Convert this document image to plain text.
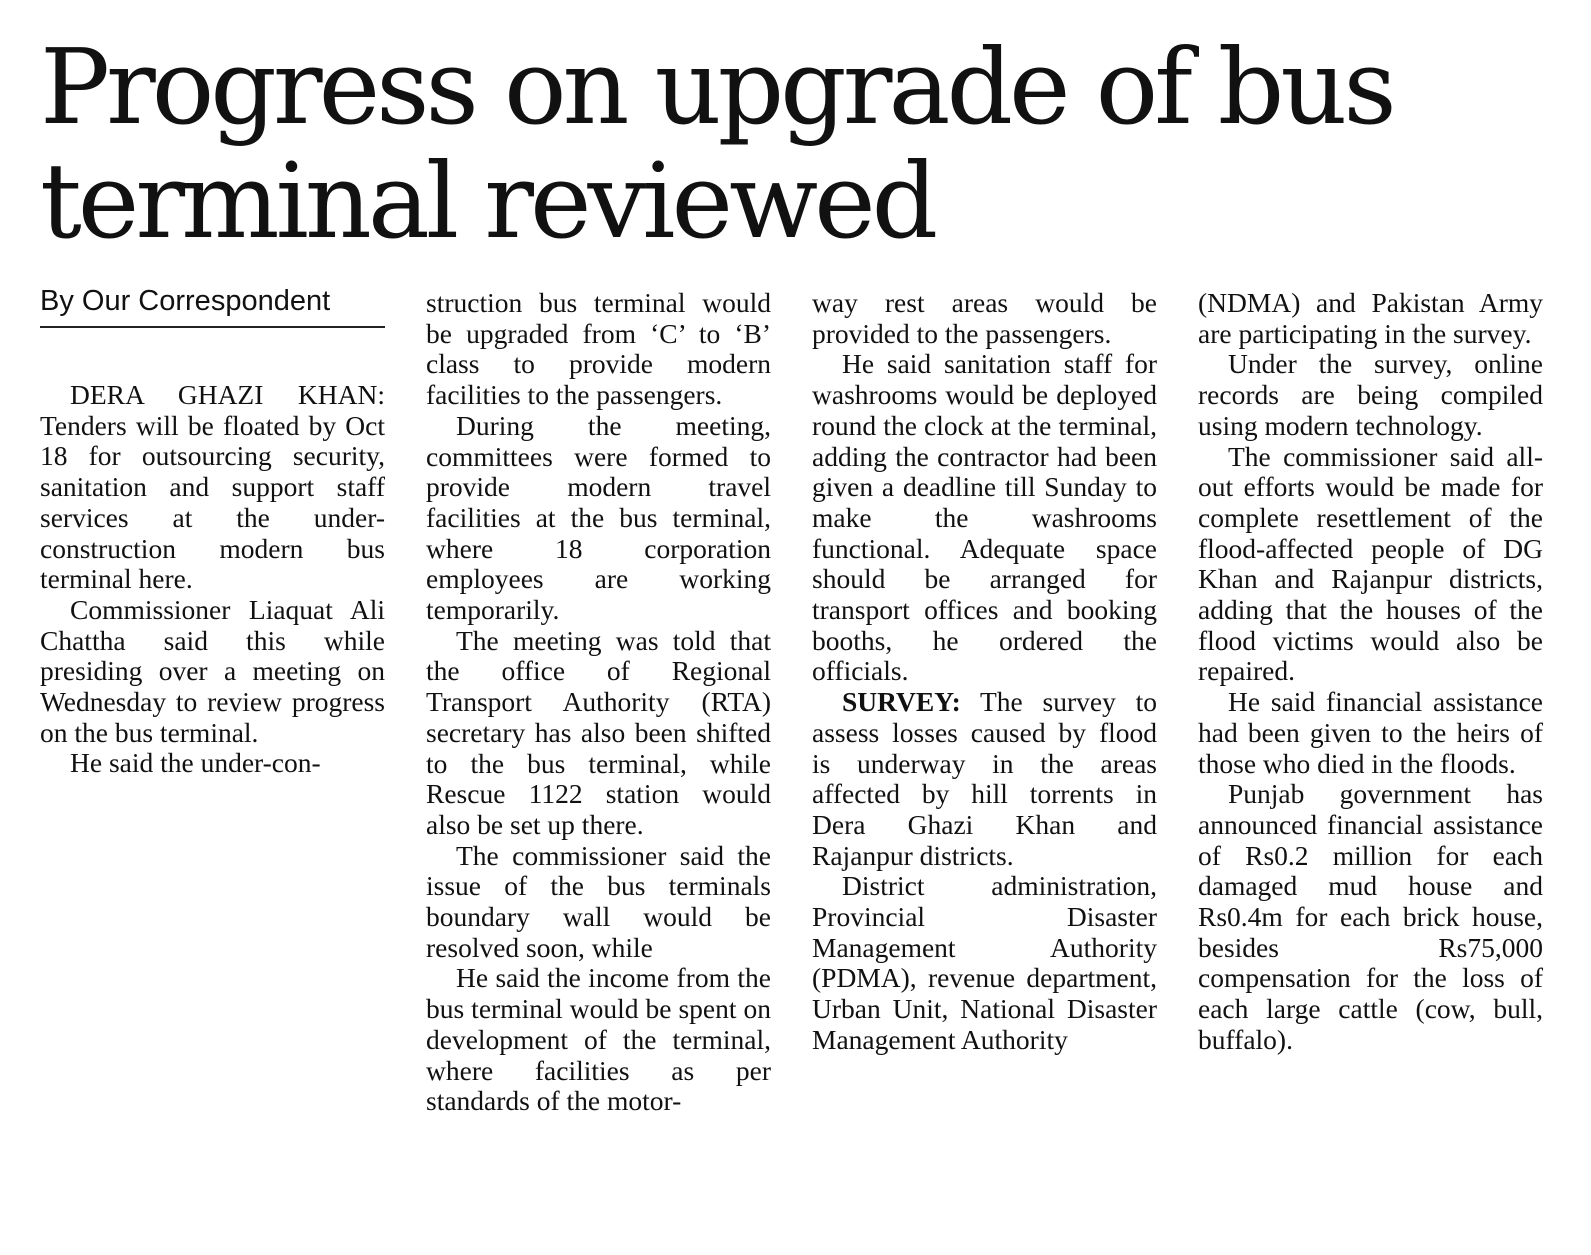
Progress on upgrade of bus terminal reviewed
By Our Correspondent

DERA GHAZI KHAN: Tenders will be floated by Oct 18 for outsourcing security, sanitation and support staff services at the under-construction modern bus terminal here.

Commissioner Liaquat Ali Chattha said this while presiding over a meeting on Wednesday to review progress on the bus terminal.

He said the under-con-

struction bus terminal would be upgraded from ‘C’ to ‘B’ class to provide modern facilities to the passengers.

During the meeting, committees were formed to provide modern travel facilities at the bus terminal, where 18 corporation employees are working temporarily.

The meeting was told that the office of Regional Transport Authority (RTA) secretary has also been shifted to the bus terminal, while Rescue 1122 station would also be set up there.

The commissioner said the issue of the bus terminals boundary wall would be resolved soon, while

He said the income from the bus terminal would be spent on development of the terminal, where facilities as per standards of the motor-

way rest areas would be provided to the passengers.

He said sanitation staff for washrooms would be deployed round the clock at the terminal, adding the contractor had been given a deadline till Sunday to make the washrooms functional. Adequate space should be arranged for transport offices and booking booths, he ordered the officials.

SURVEY: The survey to assess losses caused by flood is underway in the areas affected by hill torrents in Dera Ghazi Khan and Rajanpur districts.

District administration, Provincial Disaster Management Authority (PDMA), revenue department, Urban Unit, National Disaster Management Authority

(NDMA) and Pakistan Army are participating in the survey.

Under the survey, online records are being compiled using modern technology.

The commissioner said all-out efforts would be made for complete resettlement of the flood-affected people of DG Khan and Rajanpur districts, adding that the houses of the flood victims would also be repaired.

He said financial assistance had been given to the heirs of those who died in the floods.

Punjab government has announced financial assistance of Rs0.2 million for each damaged mud house and Rs0.4m for each brick house, besides Rs75,000 compensation for the loss of each large cattle (cow, bull, buffalo).
